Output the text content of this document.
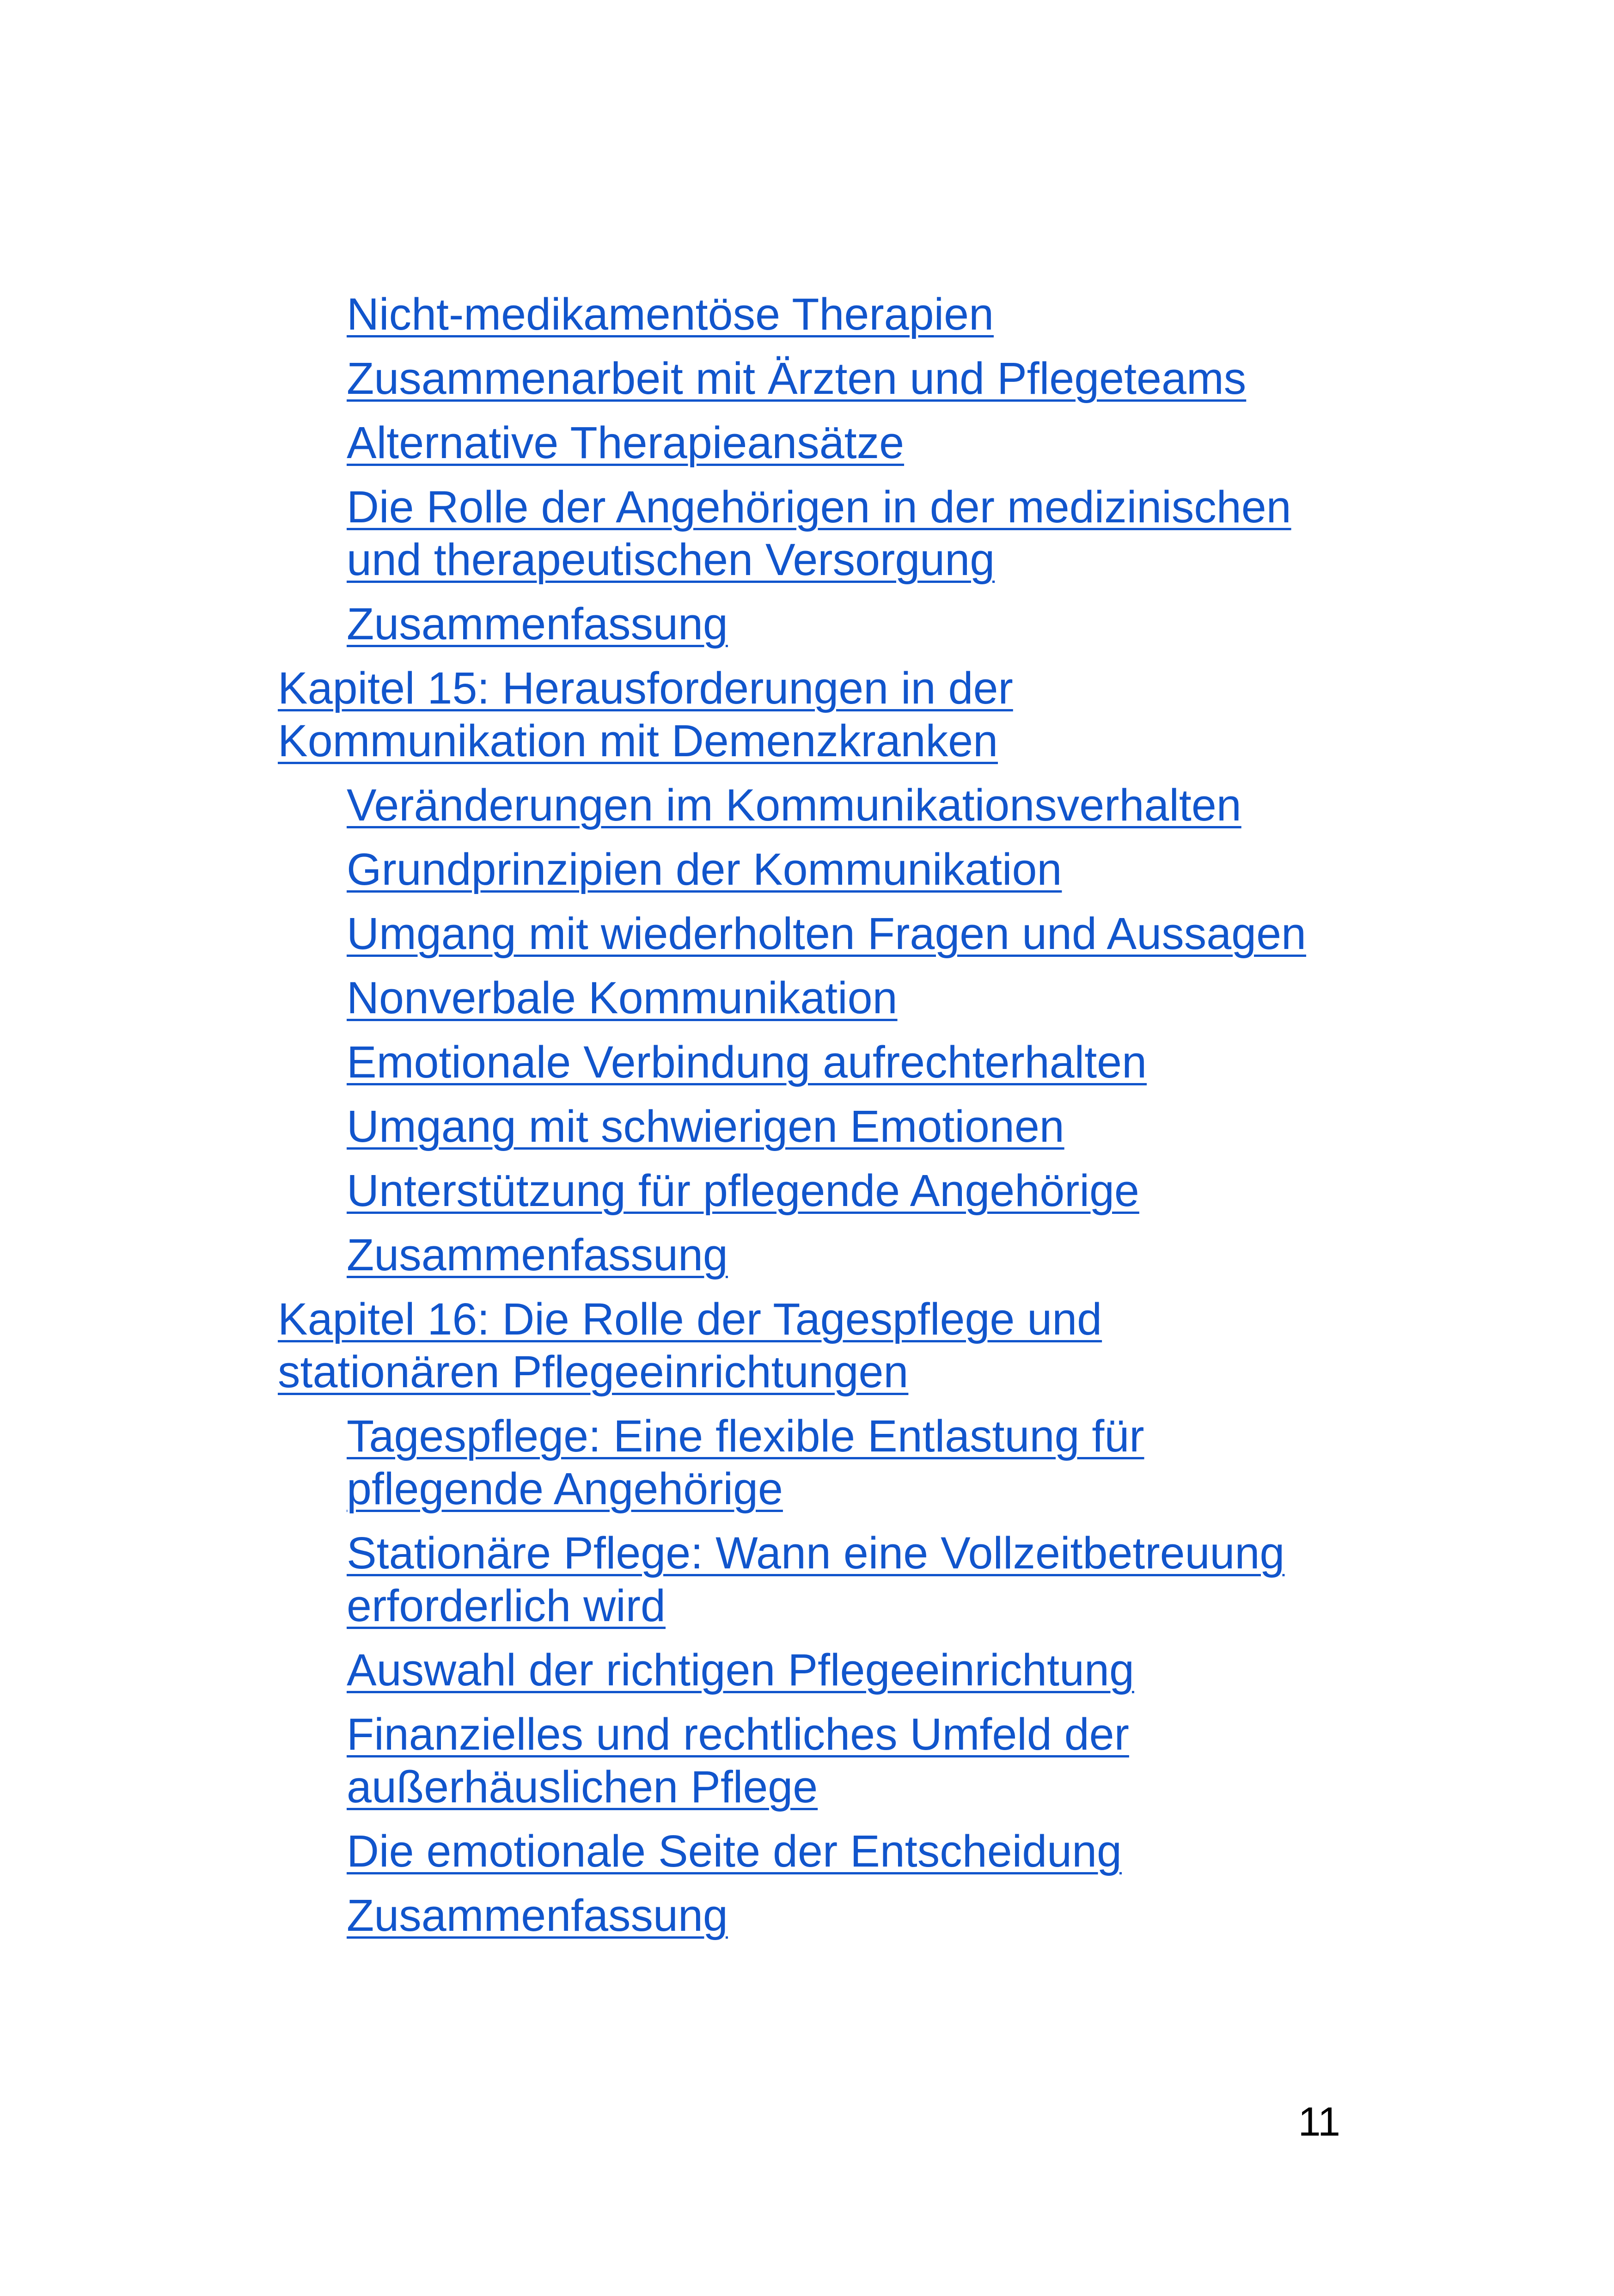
Nicht-medikamentöse Therapien
Zusammenarbeit mit Ärzten und Pflegeteams
Alternative Therapieansätze
Die Rolle der Angehörigen in der medizinischen
und therapeutischen Versorgung
Zusammenfassung
Kapitel 15: Herausforderungen in der
Kommunikation mit Demenzkranken
Veränderungen im Kommunikationsverhalten
Grundprinzipien der Kommunikation
Umgang mit wiederholten Fragen und Aussagen
Nonverbale Kommunikation
Emotionale Verbindung aufrechterhalten
Umgang mit schwierigen Emotionen
Unterstützung für pflegende Angehörige
Zusammenfassung
Kapitel 16: Die Rolle der Tagespflege und
stationären Pflegeeinrichtungen
Tagespflege: Eine flexible Entlastung für
pflegende Angehörige
Stationäre Pflege: Wann eine Vollzeitbetreuung
erforderlich wird
Auswahl der richtigen Pflegeeinrichtung
Finanzielles und rechtliches Umfeld der
außerhäuslichen Pflege
Die emotionale Seite der Entscheidung
Zusammenfassung
11
